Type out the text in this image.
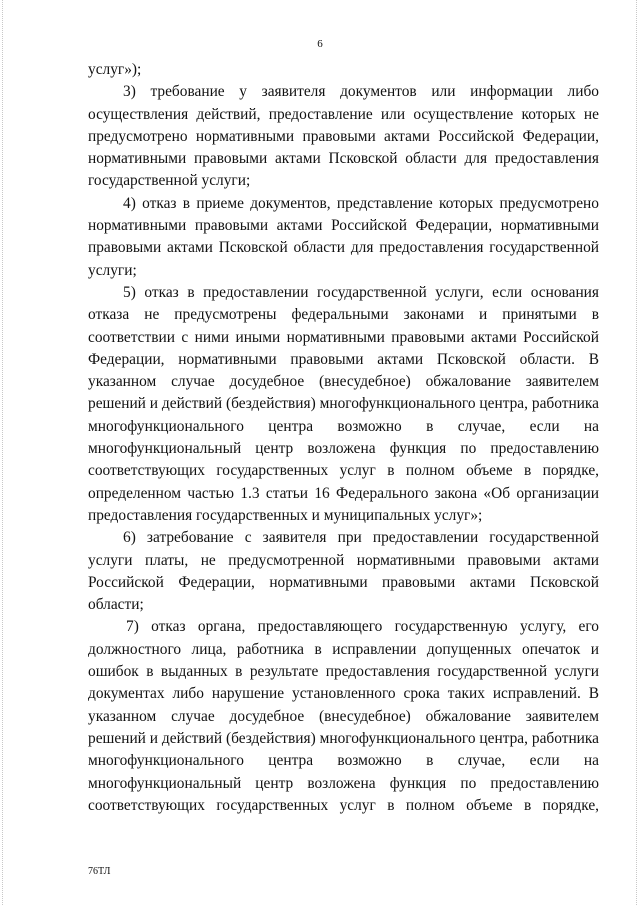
6

услуг»);

3) требование у заявителя документов или информации либо осуществления действий, предоставление или осуществление которых не предусмотрено нормативными правовыми актами Российской Федерации, нормативными правовыми актами Псковской области для предоставления государственной услуги;

4) отказ в приеме документов, представление которых предусмотрено нормативными правовыми актами Российской Федерации, нормативными правовыми актами Псковской области для предоставления государственной услуги;

5) отказ в предоставлении государственной услуги, если основания отказа не предусмотрены федеральными законами и принятыми в соответствии с ними иными нормативными правовыми актами Российской Федерации, нормативными правовыми актами Псковской области. В указанном случае досудебное (внесудебное) обжалование заявителем решений и действий (бездействия) многофункционального центра, работника многофункционального центра возможно в случае, если на многофункциональный центр возложена функция по предоставлению соответствующих государственных услуг в полном объеме в порядке, определенном частью 1.3 статьи 16 Федерального закона «Об организации предоставления государственных и муниципальных услуг»;

6) затребование с заявителя при предоставлении государственной услуги платы, не предусмотренной нормативными правовыми актами Российской Федерации, нормативными правовыми актами Псковской области;

7) отказ органа, предоставляющего государственную услугу, его должностного лица, работника в исправлении допущенных опечаток и ошибок в выданных в результате предоставления государственной услуги документах либо нарушение установленного срока таких исправлений. В указанном случае досудебное (внесудебное) обжалование заявителем решений и действий (бездействия) многофункционального центра, работника многофункционального центра возможно в случае, если на многофункциональный центр возложена функция по предоставлению соответствующих государственных услуг в полном объеме в порядке,

76ТЛ
